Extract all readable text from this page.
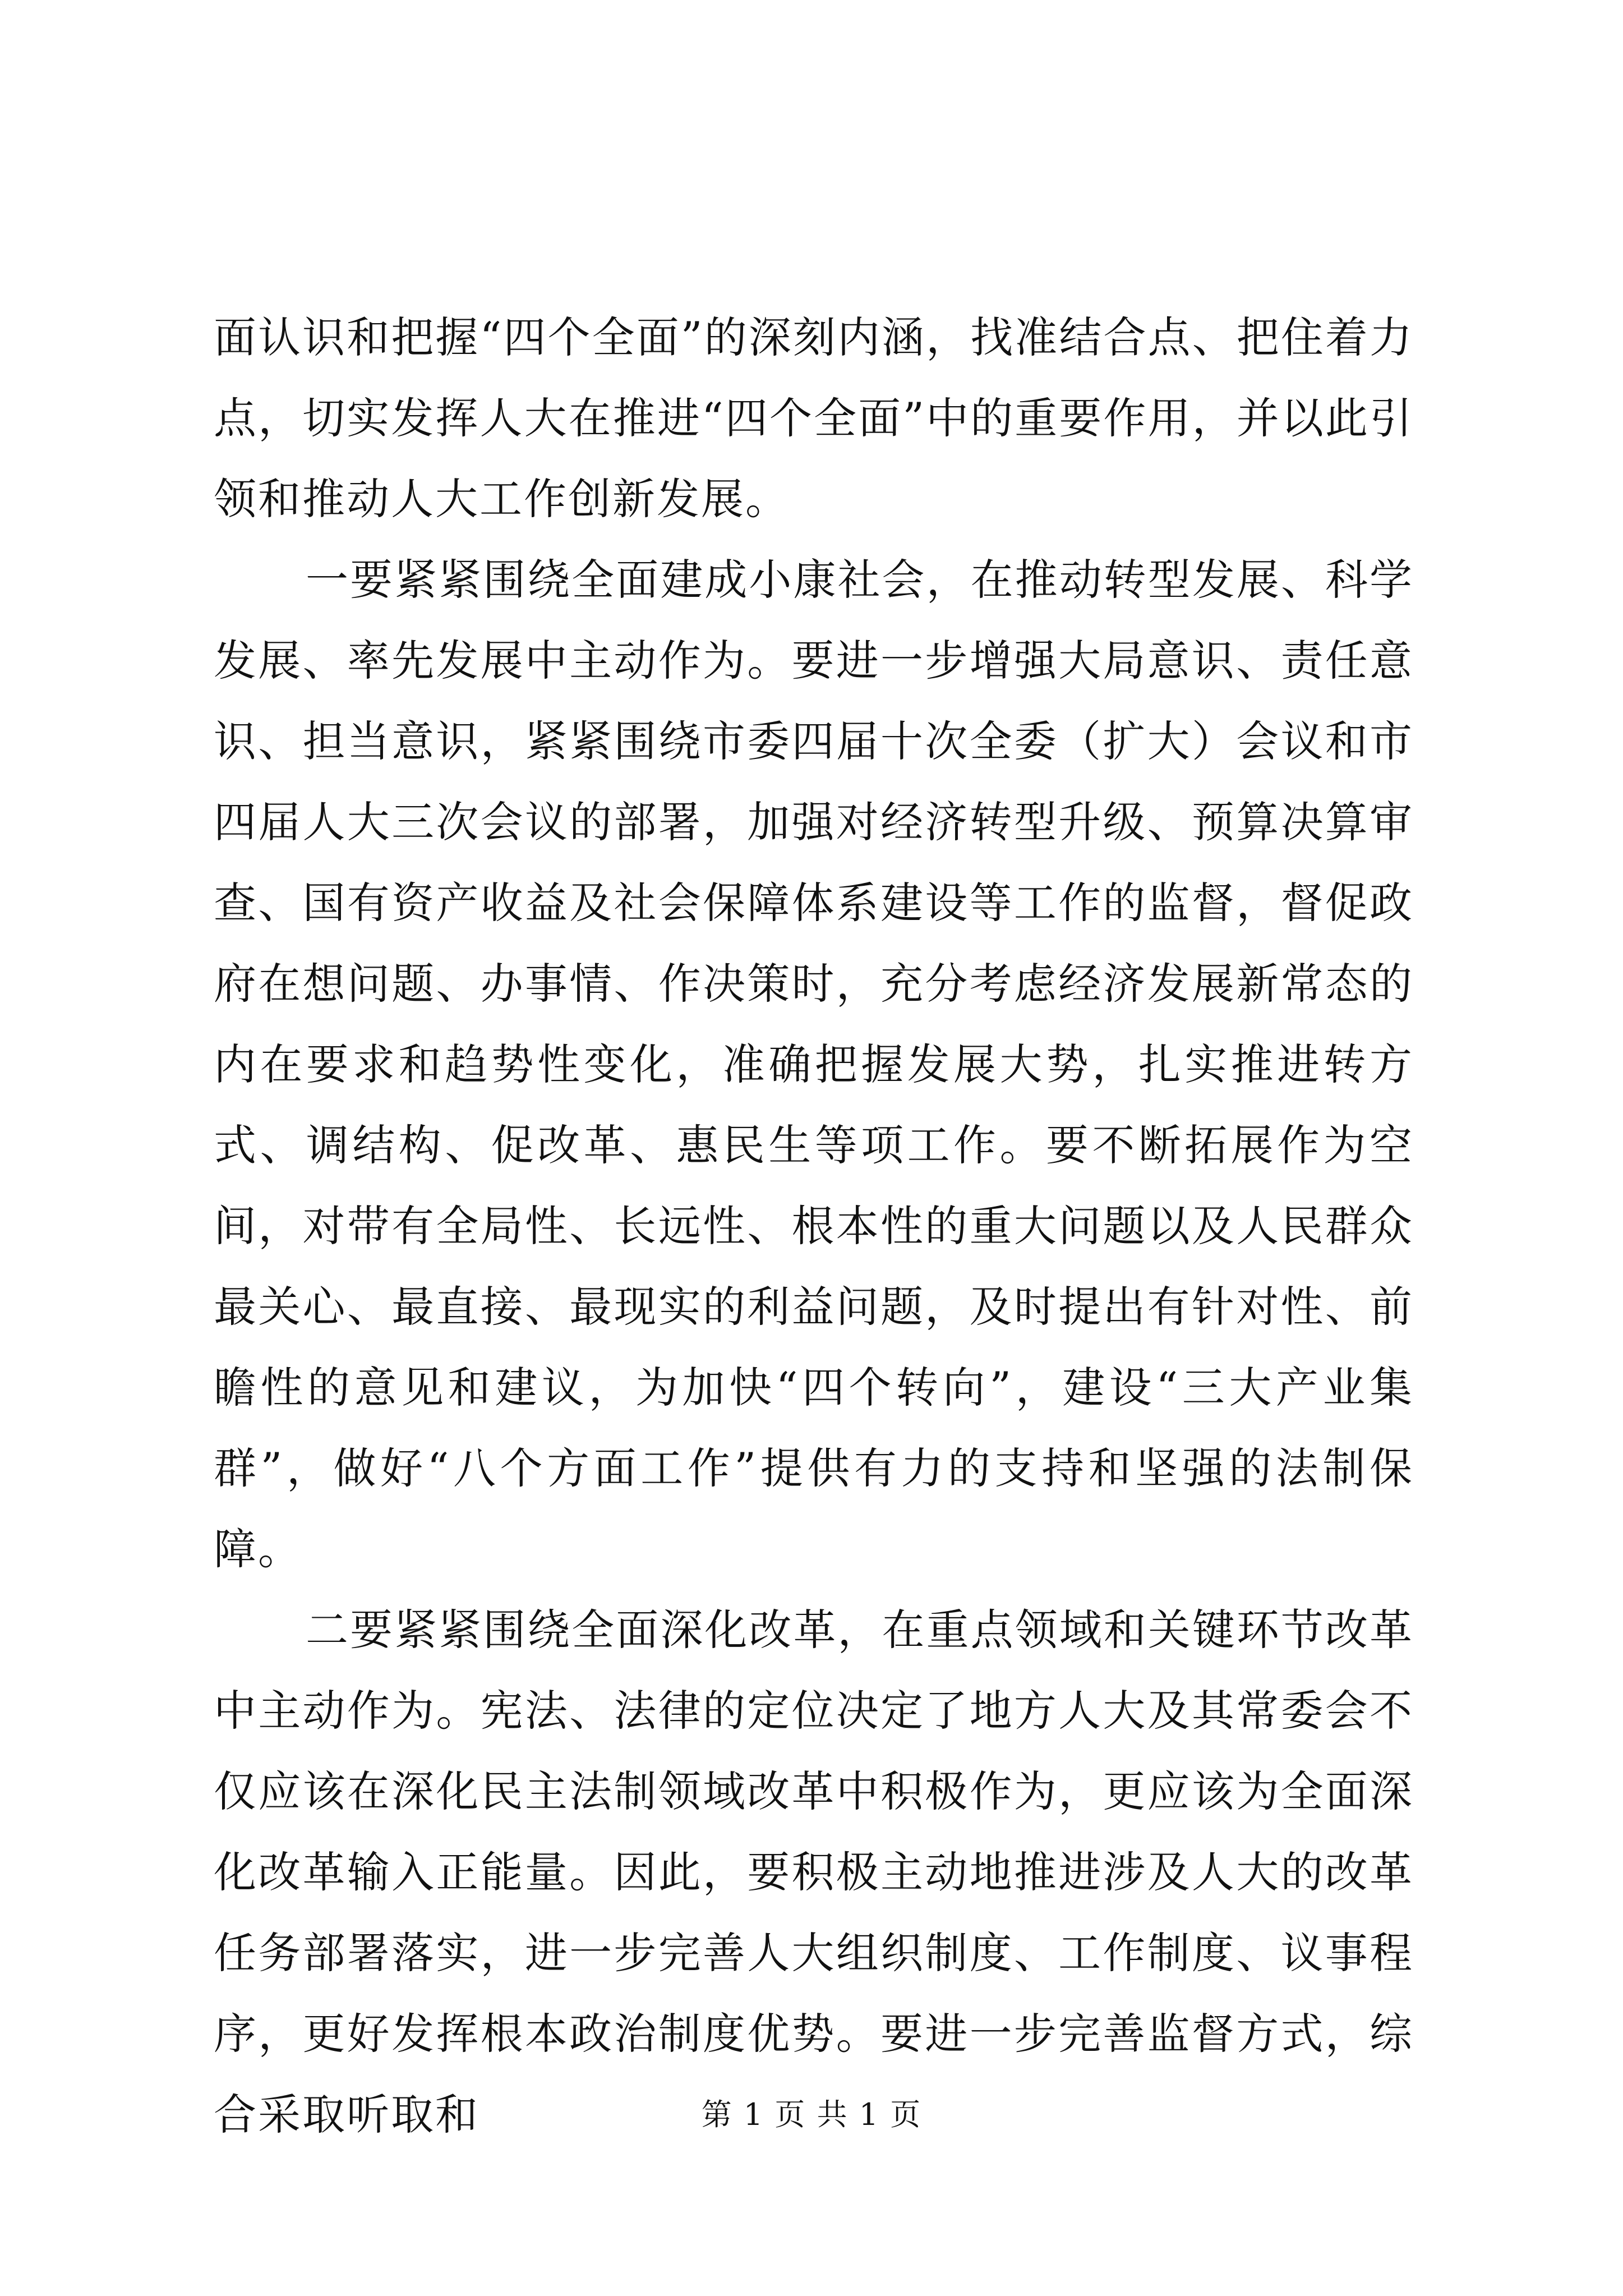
面认识和把握“四个全面”的深刻内涵，找准结合点、把住着力点，切实发挥人大在推进“四个全面”中的重要作用，并以此引领和推动人大工作创新发展。

一要紧紧围绕全面建成小康社会，在推动转型发展、科学发展、率先发展中主动作为。要进一步增强大局意识、责任意识、担当意识，紧紧围绕市委四届十次全委（扩大）会议和市四届人大三次会议的部署，加强对经济转型升级、预算决算审查、国有资产收益及社会保障体系建设等工作的监督，督促政府在想问题、办事情、作决策时，充分考虑经济发展新常态的内在要求和趋势性变化，准确把握发展大势，扎实推进转方式、调结构、促改革、惠民生等项工作。要不断拓展作为空间，对带有全局性、长远性、根本性的重大问题以及人民群众最关心、最直接、最现实的利益问题，及时提出有针对性、前瞻性的意见和建议，为加快“四个转向”，建设“三大产业集群”，做好“八个方面工作”提供有力的支持和坚强的法制保障。

二要紧紧围绕全面深化改革，在重点领域和关键环节改革中主动作为。宪法、法律的定位决定了地方人大及其常委会不仅应该在深化民主法制领域改革中积极作为，更应该为全面深化改革输入正能量。因此，要积极主动地推进涉及人大的改革任务部署落实，进一步完善人大组织制度、工作制度、议事程序，更好发挥根本政治制度优势。要进一步完善监督方式，综合采取听取和	第 1 页 共 1 页
